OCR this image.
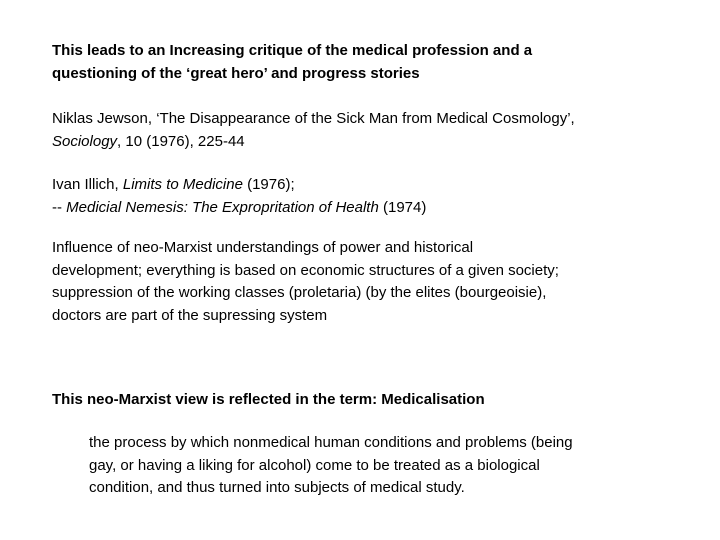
This leads to an Increasing critique of the medical profession and a
questioning of the ‘great hero’ and progress stories

Niklas Jewson, ‘The Disappearance of the Sick Man from Medical Cosmology’,
Sociology, 10 (1976), 225-44

Ivan Illich, Limits to Medicine (1976);
-- Medicial Nemesis: The Expropritation of Health (1974)

Influence of neo-Marxist understandings of power and historical
development; everything is based on economic structures of a given society;
suppression of the working classes (proletaria) (by the elites (bourgeoisie),
doctors are part of the supressing system

This neo-Marxist view is reflected in the term: Medicalisation

the process by which nonmedical human conditions and problems (being
gay, or having a liking for alcohol) come to be treated as a biological
condition, and thus turned into subjects of medical study.
